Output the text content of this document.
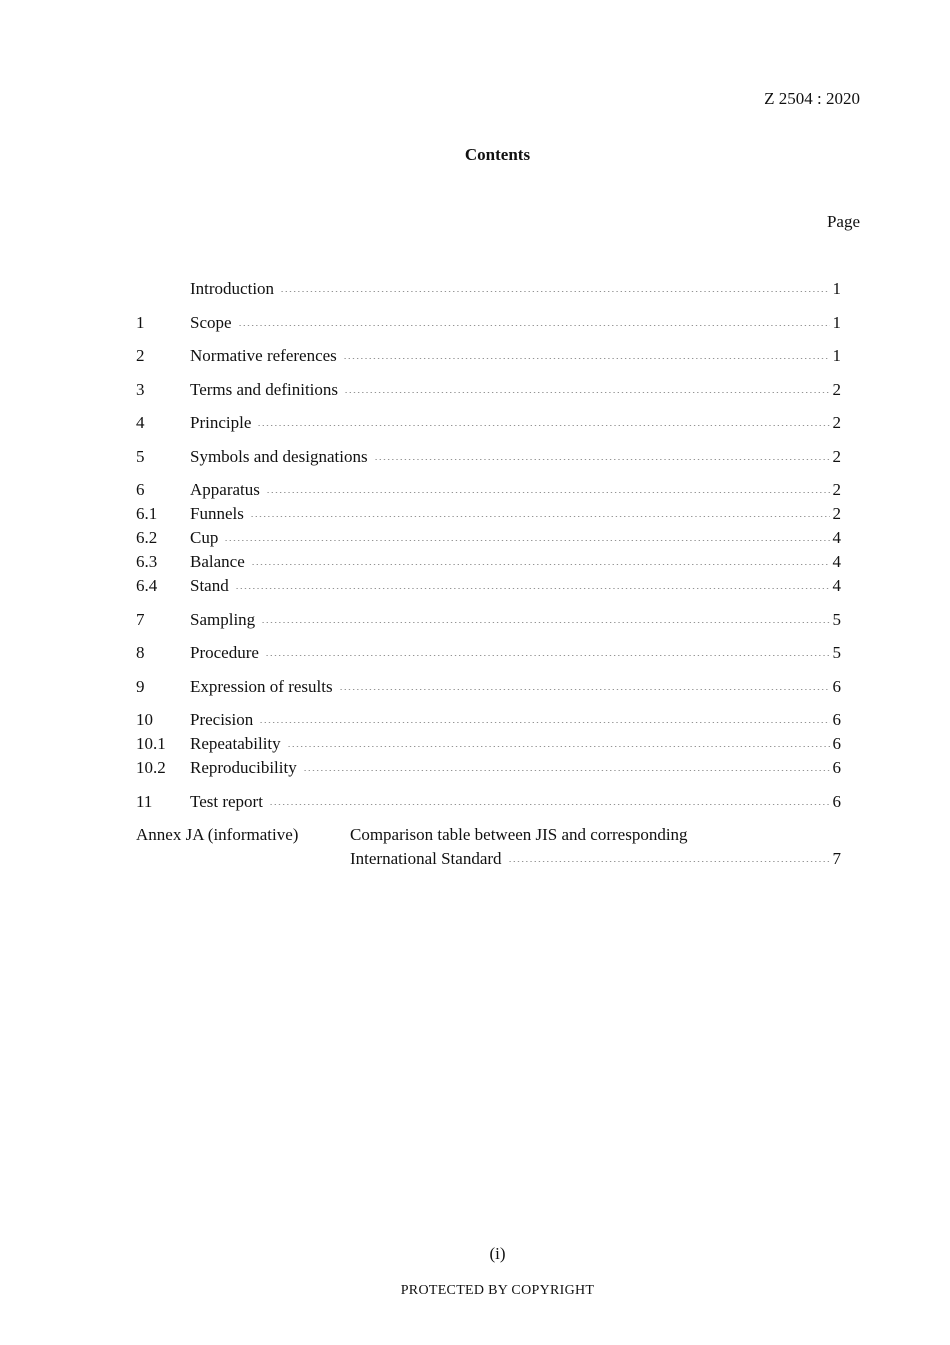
Z 2504 : 2020
Contents
Page
Introduction	1
1	Scope	1
2	Normative references	1
3	Terms and definitions	2
4	Principle	2
5	Symbols and designations	2
6	Apparatus	2
6.1	Funnels	2
6.2	Cup	4
6.3	Balance	4
6.4	Stand	4
7	Sampling	5
8	Procedure	5
9	Expression of results	6
10	Precision	6
10.1	Repeatability	6
10.2	Reproducibility	6
11	Test report	6
Annex JA (informative)	Comparison table between JIS and corresponding
International Standard	7
(i)
PROTECTED BY COPYRIGHT
